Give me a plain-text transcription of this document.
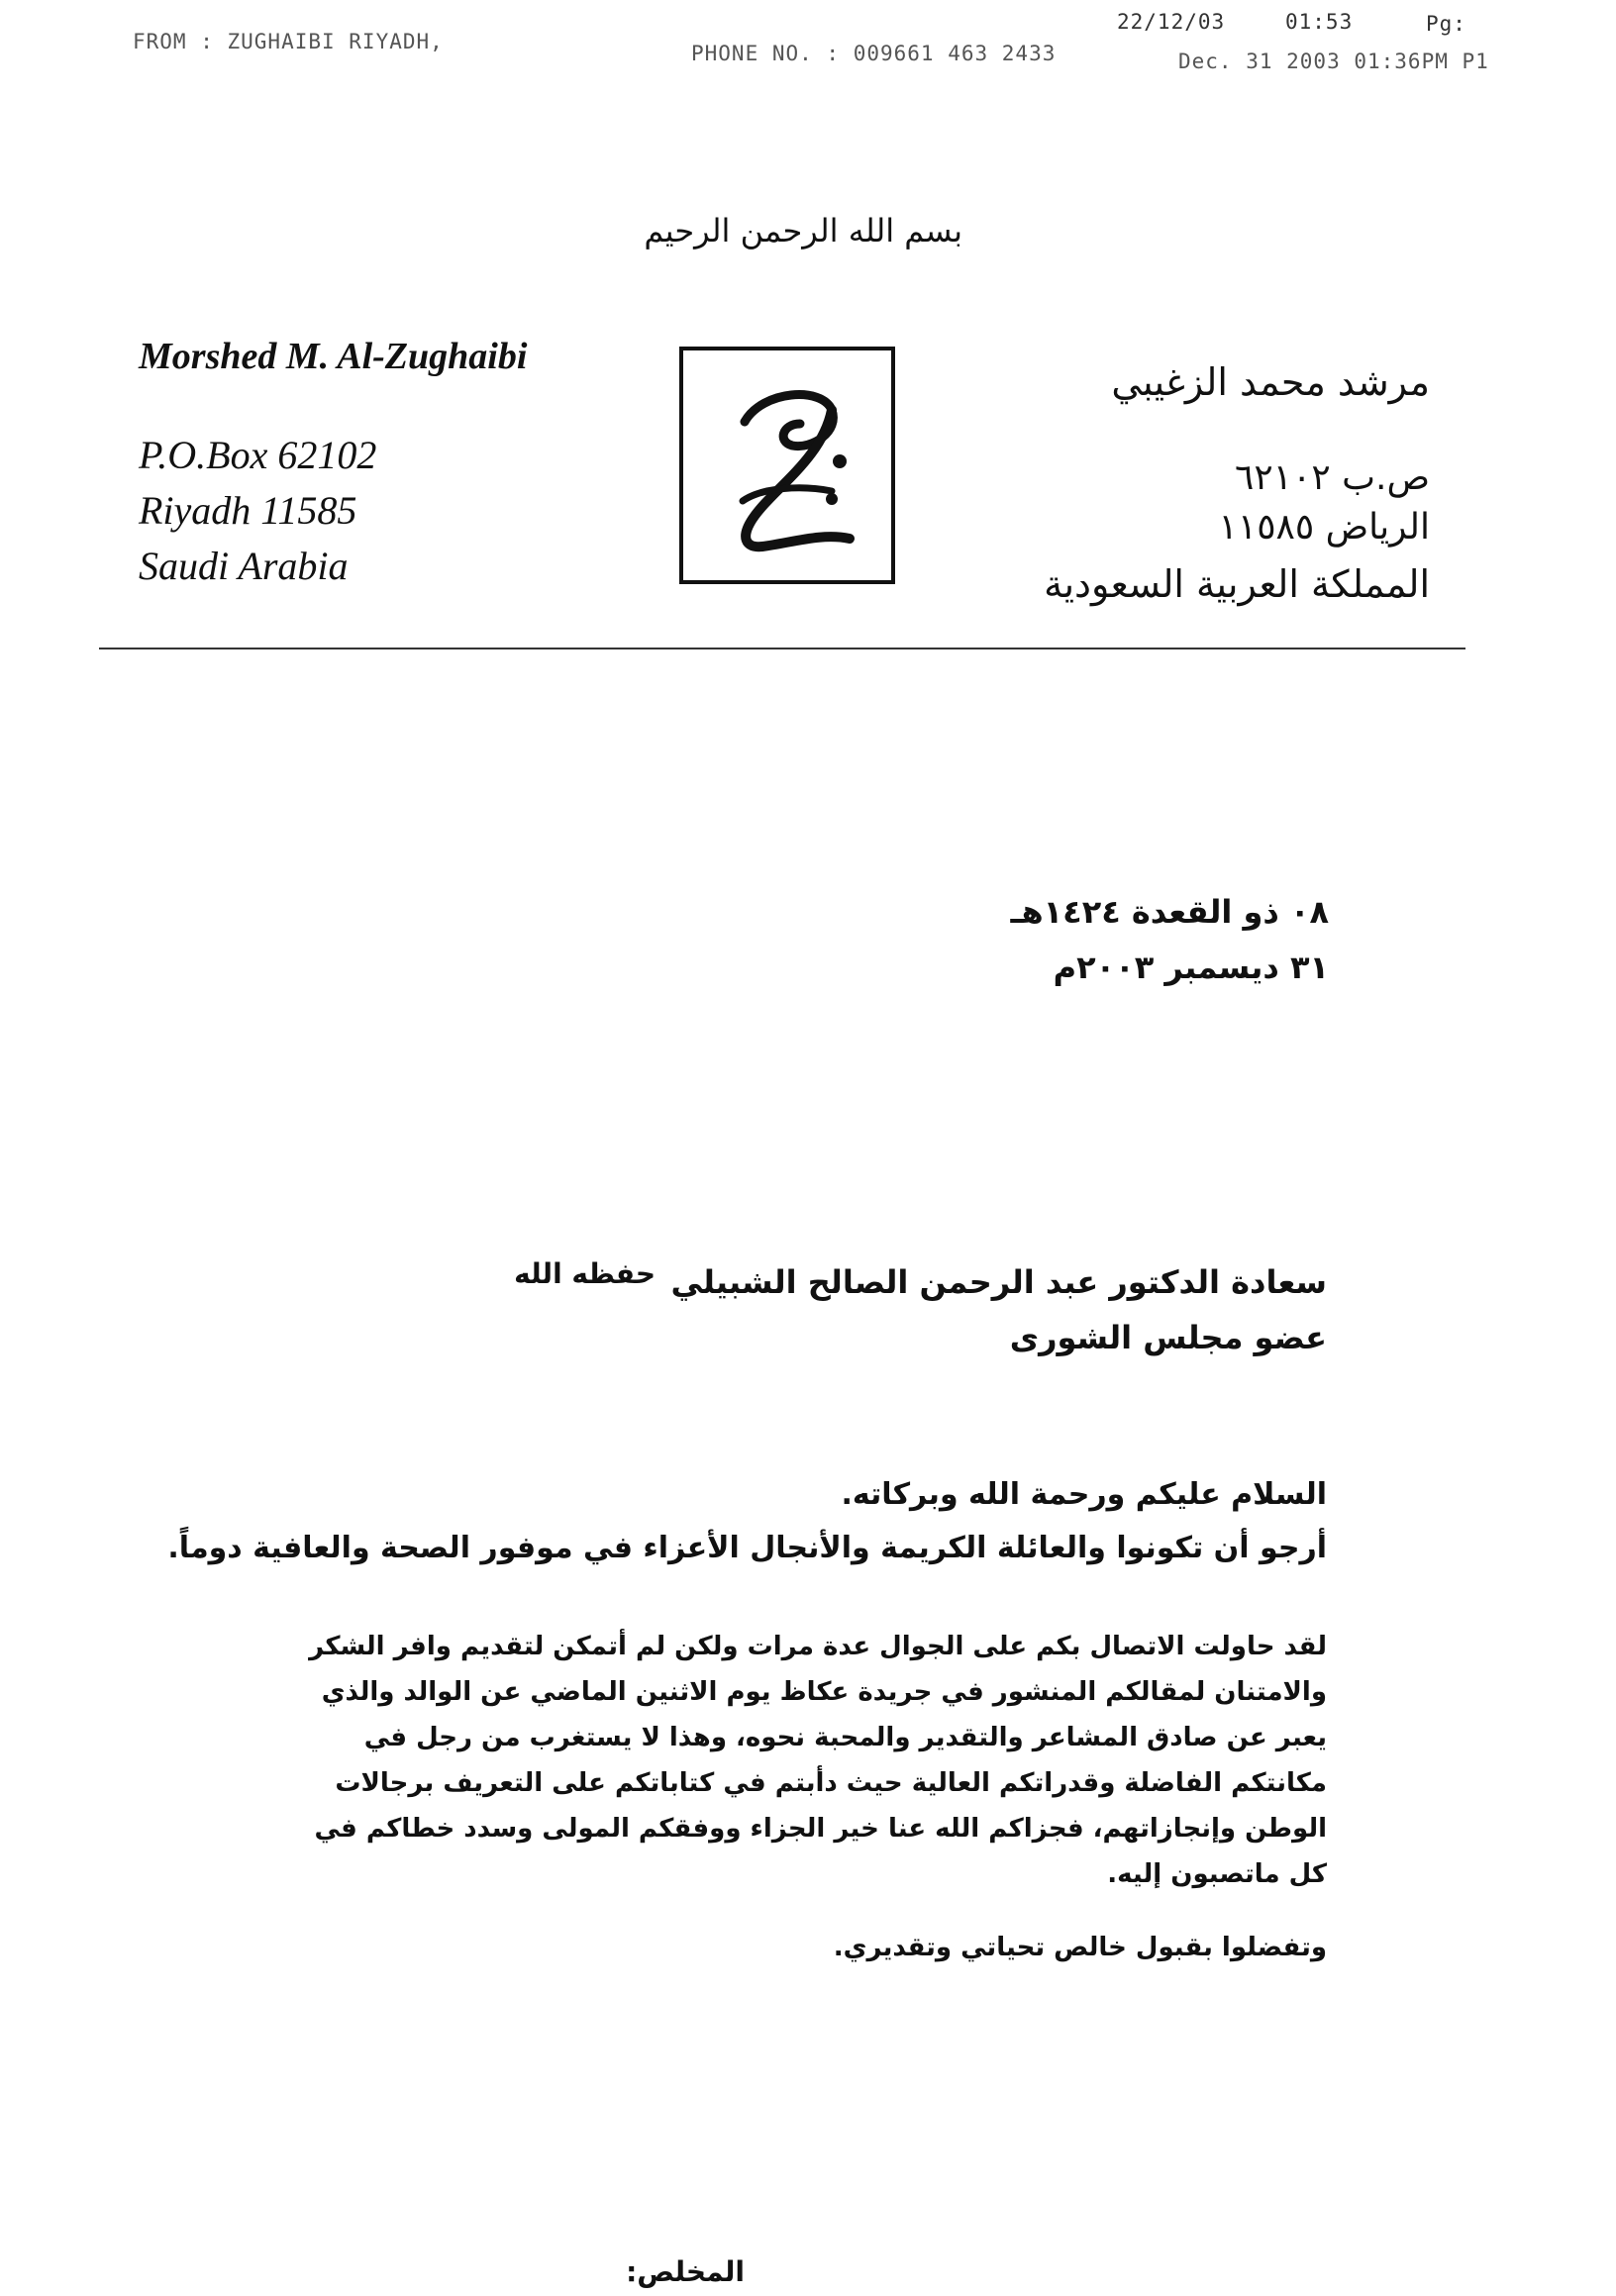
FROM : ZUGHAIBI RIYADH,	PHONE NO. : 009661 463 2433
22/12/03	01:53	Pg:
Dec. 31 2003 01:36PM P1
بسم الله الرحمن الرحيم
Morshed M. Al-Zughaibi
P.O.Box 62102
Riyadh 11585
Saudi Arabia
مرشد محمد الزغيبي
ص.ب ٦٢١٠٢
الرياض ١١٥٨٥
المملكة العربية السعودية
٠٨ ذو القعدة ١٤٢٤هـ
٣١ ديسمبر ٢٠٠٣م
سعادة الدكتور عبد الرحمن الصالح الشبيلي
حفظه الله
عضو مجلس الشورى
السلام عليكم ورحمة الله وبركاته.
أرجو أن تكونوا والعائلة الكريمة والأنجال الأعزاء في موفور الصحة والعافية دوماً.
لقد حاولت الاتصال بكم على الجوال عدة مرات ولكن لم أتمكن لتقديم وافر الشكر والامتنان لمقالكم المنشور في جريدة عكاظ يوم الاثنين الماضي عن الوالد والذي يعبر عن صادق المشاعر والتقدير والمحبة نحوه، وهذا لا يستغرب من رجل في مكانتكم الفاضلة وقدراتكم العالية حيث دأبتم في كتاباتكم على التعريف برجالات الوطن وإنجازاتهم، فجزاكم الله عنا خير الجزاء ووفقكم المولى وسدد خطاكم في كل ماتصبون إليه.
وتفضلوا بقبول خالص تحياتي وتقديري.
المخلص:
